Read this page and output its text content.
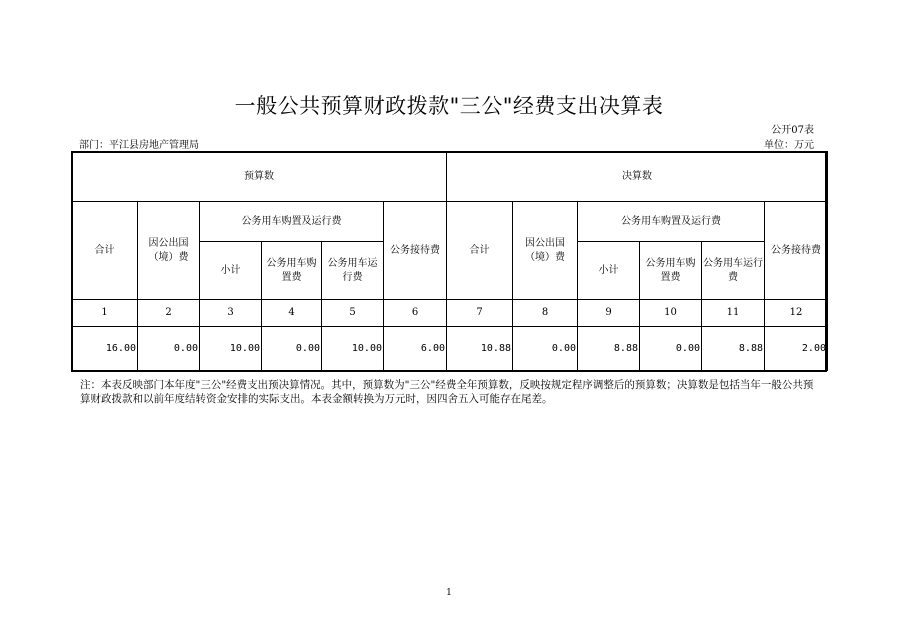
一般公共预算财政拨款"三公"经费支出决算表
公开07表
部门：平江县房地产管理局	单位：万元
预算数						决算数					
合计	因公出国（境）费	公务用车购置及运行费			公务接待费	合计	因公出国（境）费	公务用车购置及运行费			公务接待费
		小计	公务用车购置费	公务用车运行费				小计	公务用车购置费	公务用车运行费	
1	2	3	4	5	6	7	8	9	10	11	12
16.00	0.00	10.00	0.00	10.00	6.00	10.88	0.00	8.88	0.00	8.88	2.00
注：本表反映部门本年度"三公"经费支出预决算情况。其中，预算数为"三公"经费全年预算数，反映按规定程序调整后的预算数；决算数是包括当年一般公共预算财政拨款和以前年度结转资金安排的实际支出。本表金额转换为万元时，因四舍五入可能存在尾差。
1
